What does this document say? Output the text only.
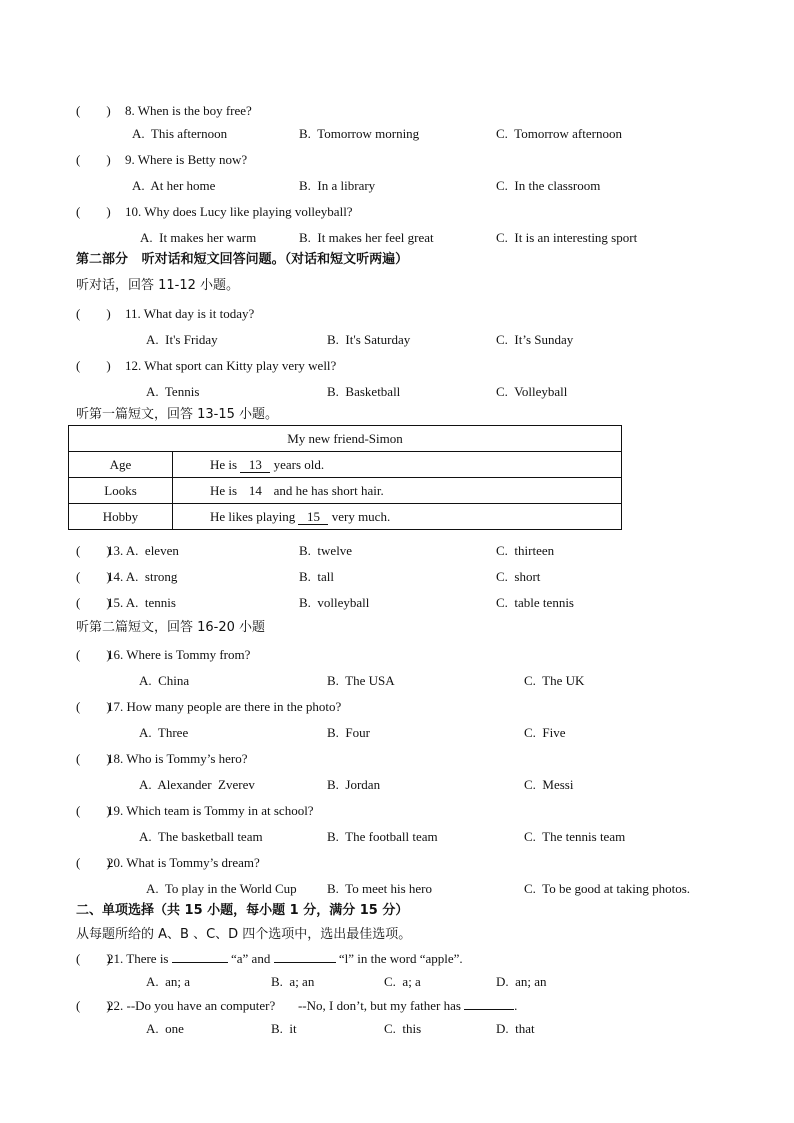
(        ) 8. When is the boy free?
A.  This afternoon	B.  Tomorrow morning	C.  Tomorrow afternoon
(        ) 9. Where is Betty now?
A.  At her home	B.  In a library	C.  In the classroom
(        ) 10. Why does Lucy like playing volleyball?
A.  It makes her warm	B.  It makes her feel great	C.  It is an interesting sport
第二部分   听对话和短文回答问题。（对话和短文听两遍）
听对话，回答 11-12 小题。
(        ) 11. What day is it today?
A.  It's Friday	B.  It's Saturday	C.  It’s Sunday
(        ) 12. What sport can Kitty play very well?
A.  Tennis	B.  Basketball	C.  Volleyball
听第一篇短文，回答 13-15 小题。
My new friend-Simon	
Age	He is 13 years old.
Looks	He is 14 and he has short hair.
Hobby	He likes playing 15 very much.
(        )
13. A.  eleven	B.  twelve	C.  thirteen
(        )
14. A.  strong	B.  tall	C.  short
(        )
15. A.  tennis	B.  volleyball	C.  table tennis
听第二篇短文，回答 16-20 小题
(        )
16. Where is Tommy from?
A.  China	B.  The USA	C.  The UK
(        )
17. How many people are there in the photo?
A.  Three	B.  Four	C.  Five
(        )
18. Who is Tommy’s hero?
A.  Alexander  Zverev	B.  Jordan	C.  Messi
(        )
19. Which team is Tommy in at school?
A.  The basketball team	B.  The football team	C.  The tennis team
(        )
20. What is Tommy’s dream?
A.  To play in the World Cup B.  To meet his hero	C.  To be good at taking photos.
二、单项选择（共 15 小题，每小题 1 分，满分 15 分）
从每题所给的 A、B 、C、D 四个选项中，选出最佳选项。
(        )
21. There is	“a” and	“l” in the word “apple”.
A.  an; a	B.  a; an	C.  a; a	D.  an; an
(        )
22. --Do you have an computer?       --No, I don’t, but my father has	.
A.  one	B.  it	C.  this	D.  that
